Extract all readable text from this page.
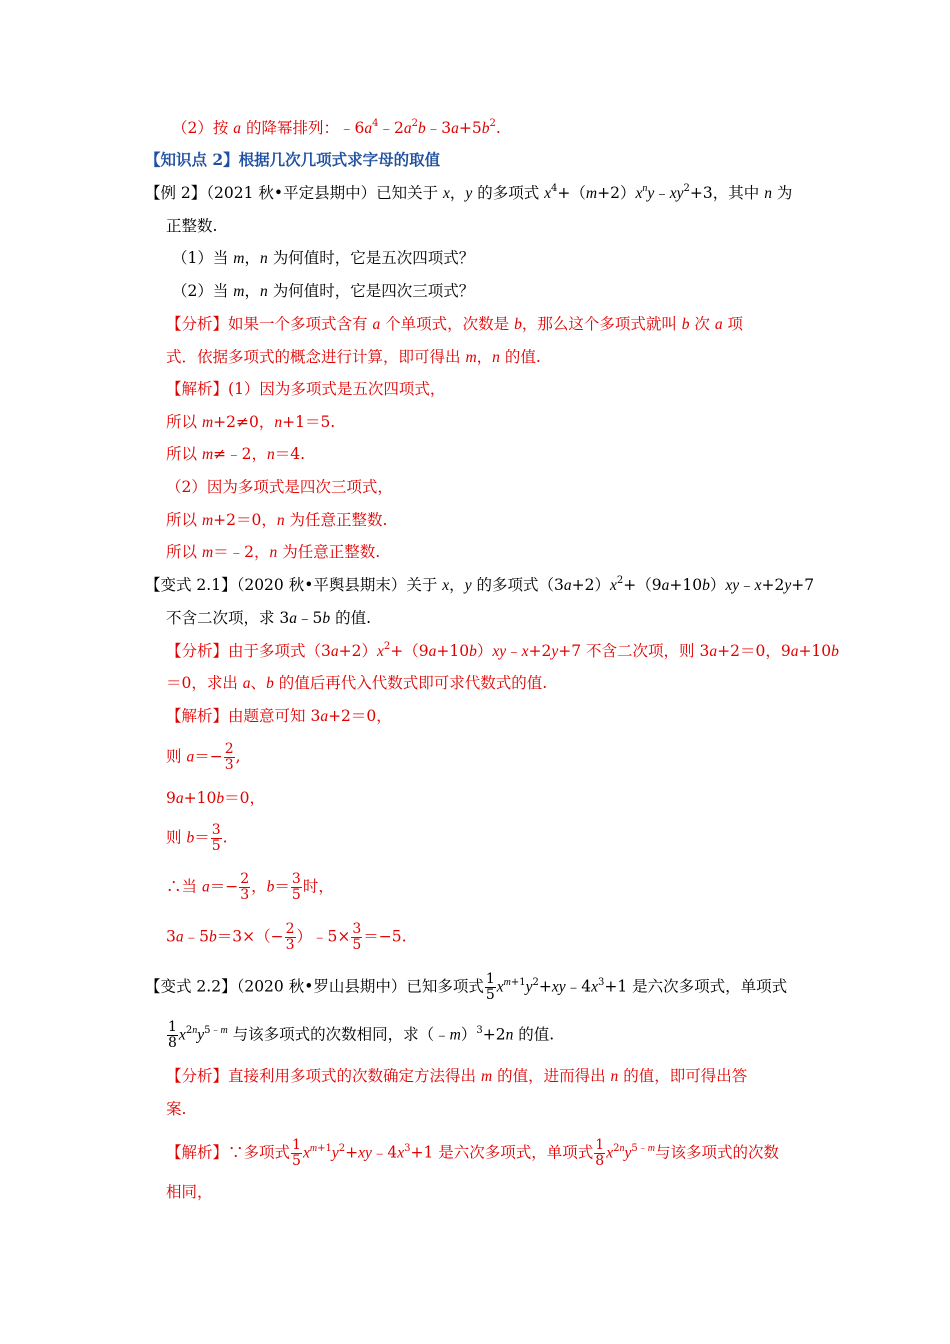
（2）按 a 的降幂排列：$﹣6a^4﹣2a^2b﹣3a+5b^2$.
【知识点 2】根据几次几项式求字母的取值
【例 2】（2021 秋•平定县期中）已知关于 x，y 的多项式 $x^4+(m+2)x^ny﹣xy^2+3$，其中 n 为
正整数.
（1）当 m，n 为何值时，它是五次四项式？
（2）当 m，n 为何值时，它是四次三项式？
【分析】如果一个多项式含有 a 个单项式，次数是 b，那么这个多项式就叫 b 次 a 项
式．依据多项式的概念进行计算，即可得出 m，n 的值.
【解析】(1）因为多项式是五次四项式，
所以 m+2≠0，n+1＝5.
所以 m≠﹣2，n＝4.
（2）因为多项式是四次三项式，
所以 m+2＝0，n 为任意正整数.
所以 m＝﹣2，n 为任意正整数.
【变式 2.1】（2020 秋•平舆县期末）关于 x，y 的多项式$(3a+2)x^2+(9a+10b)xy﹣x+2y+7$
不含二次项，求 3a﹣5b 的值.
【分析】由于多项式$(3a+2)x^2+(9a+10b)xy﹣x+2y+7$ 不含二次项，则 3a+2＝0，9a+10b
＝0，求出 a、b 的值后再代入代数式即可求代数式的值.
【解析】由题意可知 3a+2＝0，
则 $a=- \frac{2}{3}$ ,
9a+10b＝0，
则 $b= \frac{3}{5}$ .
∴当 $a=- \frac{2}{3}$ ，$b= \frac{3}{5}$ 时，
3a﹣5b＝3×（− $\frac{2}{3}$ ）﹣5× $\frac{3}{5} =-5$.
【变式 2.2】（2020 秋•罗山县期中）已知多项式 $\frac{1}{5}$ $x^{m+1}y^2+xy﹣4x^3+1$ 是六次多项式，单项式
$\frac{1}{8} x^{2n}y^{5﹣m}$ 与该多项式的次数相同，求（﹣m）$^3$+2n 的值.
【分析】直接利用多项式的次数确定方法得出 m 的值，进而得出 n 的值，即可得出答
案.
【解析】∵多项式 $\frac{1}{5}$ $x^{m+1}y^2+xy﹣4x^3+1$ 是六次多项式，单项式 $\frac{1}{8} x^{2n}y^{5﹣m}$与该多项式的次数
相同，
